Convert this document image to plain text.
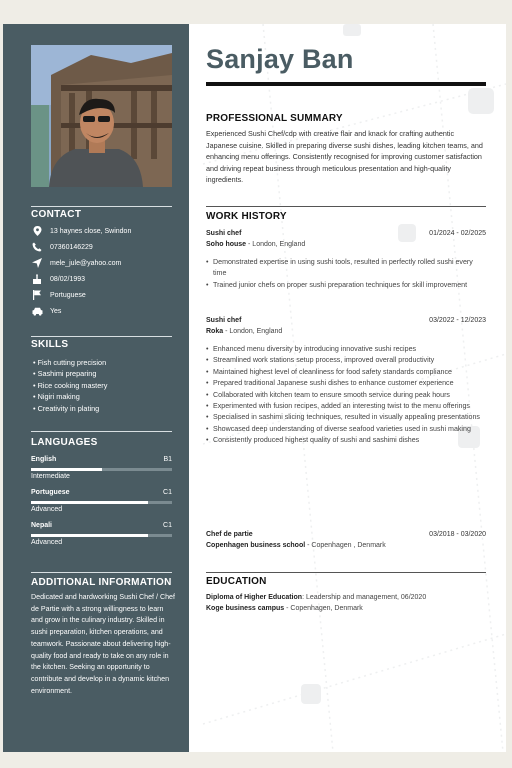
CONTACT
13 haynes close, Swindon
07360146229
mele_jule@yahoo.com
08/02/1993
Portuguese
Yes
SKILLS
• Fish cutting precision
• Sashimi preparing
• Rice cooking mastery
• Nigiri making
• Creativity in plating
LANGUAGES
English	B1
Intermediate
Portuguese	C1
Advanced
Nepali	C1
Advanced
ADDITIONAL INFORMATION
Dedicated and hardworking Sushi Chef / Chef de Partie with a strong willingness to learn and grow in the culinary industry. Skilled in sushi preparation, kitchen operations, and teamwork. Passionate about delivering high-quality food and ready to take on any role in the kitchen. Seeking an opportunity to contribute and develop in a dynamic kitchen environment.
Sanjay Ban
PROFESSIONAL SUMMARY
Experienced Sushi Chef/cdp with creative flair and knack for crafting authentic Japanese cuisine. Skilled in preparing diverse sushi dishes, leading kitchen teams, and enhancing menu offerings. Consistently recognised for improving customer satisfaction and driving repeat business through meticulous presentation and high-quality ingredients.
WORK HISTORY
Sushi chef	01/2024 - 02/2025
Soho house - London, England
• Demonstrated expertise in using sushi tools, resulted in perfectly rolled sushi every time
• Trained junior chefs on proper sushi preparation techniques for skill improvement
Sushi chef	03/2022 - 12/2023
Roka - London, England
• Enhanced menu diversity by introducing innovative sushi recipes
• Streamlined work stations setup process, improved overall productivity
• Maintained highest level of cleanliness for food safety standards compliance
• Prepared traditional Japanese sushi dishes to enhance customer experience
• Collaborated with kitchen team to ensure smooth service during peak hours
• Experimented with fusion recipes, added an interesting twist to the menu offerings
• Specialised in sashimi slicing techniques, resulted in visually appealing presentations
• Showcased deep understanding of diverse seafood varieties used in sushi making
• Consistently produced highest quality of sushi and sashimi dishes
Chef de partie	03/2018 - 03/2020
Copenhagen business school - Copenhagen , Denmark
EDUCATION
Diploma of Higher Education: Leadership and management, 06/2020
Koge business campus - Copenhagen, Denmark
